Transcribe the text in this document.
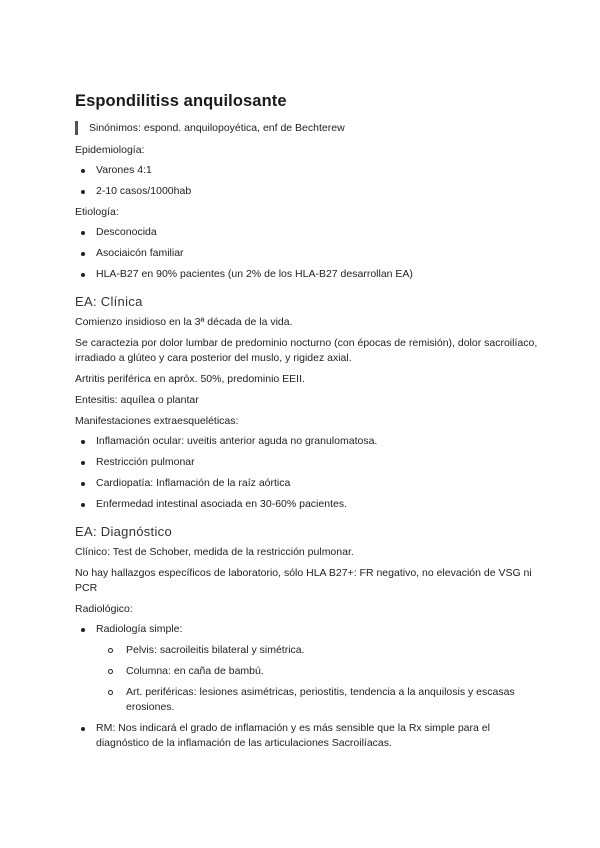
Espondilitiss anquilosante
Sinónimos: espond. anquilopoyética, enf de Bechterew
Epidemiología:
Varones 4:1
2-10 casos/1000hab
Etiología:
Desconocida
Asociaicón familiar
HLA-B27 en 90% pacientes (un 2% de los HLA-B27 desarrollan EA)
EA: Clínica
Comienzo insidioso en la 3ª década de la vida.
Se caractezia por dolor lumbar de predominio nocturno (con épocas de remisión), dolor sacroilíaco, irradiado a glúteo y cara posterior del muslo, y rigidez axial.
Artritis periférica en apróx. 50%, predominio EEII.
Entesitis: aquílea o plantar
Manifestaciones extraesqueléticas:
Inflamación ocular: uveitis anterior aguda no granulomatosa.
Restricción pulmonar
Cardiopatía: Inflamación de la raíz aórtica
Enfermedad intestinal asociada en 30-60% pacientes.
EA: Diagnóstico
Clínico: Test de Schober, medida de la restricción pulmonar.
No hay hallazgos específicos de laboratorio, sólo HLA B27+: FR negativo, no elevación de VSG ni PCR
Radiológico:
Radiología simple:
Pelvis: sacroileitis bilateral y simétrica.
Columna: en caña de bambú.
Art. periféricas: lesiones asimétricas, periostitis, tendencia a la anquilosis y escasas erosiones.
RM: Nos indicará el grado de inflamación y es más sensible que la Rx simple para el diagnóstico de la inflamación de las articulaciones Sacroilíacas.
